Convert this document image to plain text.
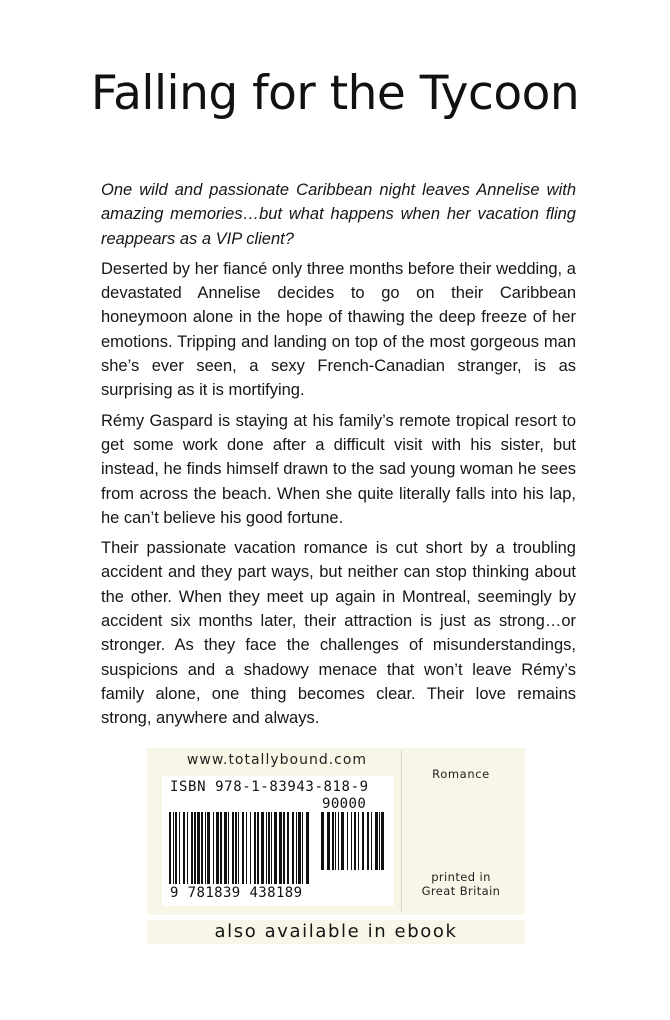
Falling for the Tycoon

One wild and passionate Caribbean night leaves Annelise with amazing memories…but what happens when her vacation fling reappears as a VIP client?

Deserted by her fiancé only three months before their wedding, a devastated Annelise decides to go on their Caribbean honeymoon alone in the hope of thawing the deep freeze of her emotions. Tripping and landing on top of the most gorgeous man she’s ever seen, a sexy French-Canadian stranger, is as surprising as it is mortifying.

Rémy Gaspard is staying at his family’s remote tropical resort to get some work done after a difficult visit with his sister, but instead, he finds himself drawn to the sad young woman he sees from across the beach. When she quite literally falls into his lap, he can’t believe his good fortune.

Their passionate vacation romance is cut short by a troubling accident and they part ways, but neither can stop thinking about the other. When they meet up again in Montreal, seemingly by accident six months later, their attraction is just as strong…or stronger. As they face the challenges of misunderstandings, suspicions and a shadowy menace that won’t leave Rémy’s family alone, one thing becomes clear. Their love remains strong, anywhere and always.

www.totallybound.com
ISBN 978-1-83943-818-9
90000
9 781839 438189
Romance
printed in
Great Britain
also available in ebook
